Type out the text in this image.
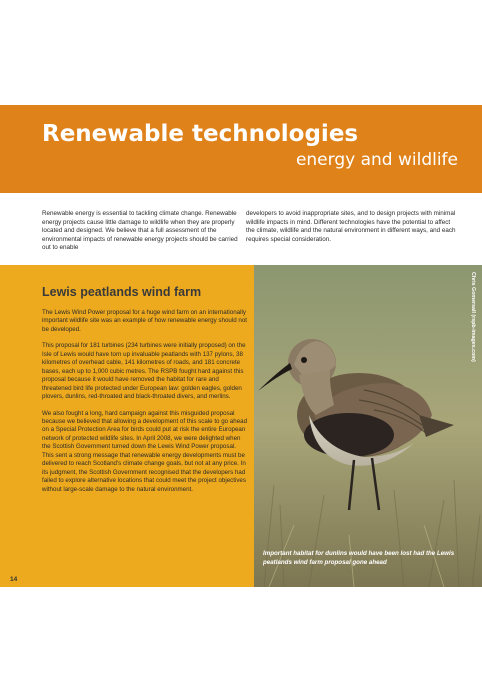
Renewable technologies
energy and wildlife
Renewable energy is essential to tackling climate change. Renewable energy projects cause little damage to wildlife when they are properly located and designed. We believe that a full assessment of the environmental impacts of renewable energy projects should be carried out to enable
developers to avoid inappropriate sites, and to design projects with minimal wildlife impacts in mind. Different technologies have the potential to affect the climate, wildlife and the natural environment in different ways, and each requires special consideration.
Lewis peatlands wind farm

The Lewis Wind Power proposal for a huge wind farm on an internationally important wildlife site was an example of how renewable energy should not be developed.

This proposal for 181 turbines (234 turbines were initially proposed) on the Isle of Lewis would have torn up invaluable peatlands with 137 pylons, 38 kilometres of overhead cable, 141 kilometres of roads, and 181 concrete bases, each up to 1,000 cubic metres. The RSPB fought hard against this proposal because it would have removed the habitat for rare and threatened bird life protected under European law: golden eagles, golden plovers, dunlins, red-throated and black-throated divers, and merlins.

We also fought a long, hard campaign against this misguided proposal because we believed that allowing a development of this scale to go ahead on a Special Protection Area for birds could put at risk the entire European network of protected wildlife sites. In April 2008, we were delighted when the Scottish Government turned down the Lewis Wind Power proposal. This sent a strong message that renewable energy developments must be delivered to reach Scotland's climate change goals, but not at any price. In its judgment, the Scottish Government recognised that the developers had failed to explore alternative locations that could meet the project objectives without large-scale damage to the natural environment.

Important habitat for dunlins would have been lost had the Lewis peatlands wind farm proposal gone ahead
Chris Gomersall (rspb-images.com)
14
